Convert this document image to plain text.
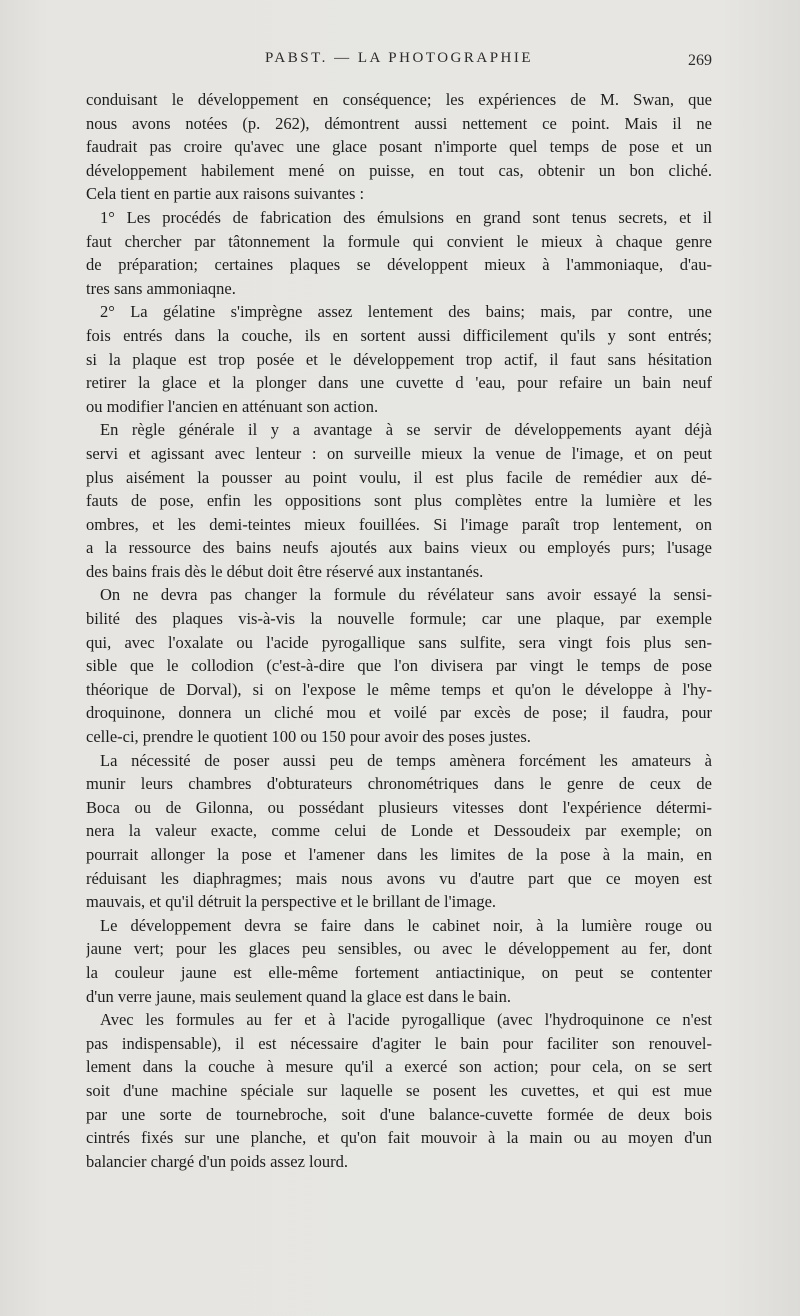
PABST. — LA PHOTOGRAPHIE	269
conduisant le développement en conséquence; les expériences de M. Swan, que
nous avons notées (p. 262), démontrent aussi nettement ce point. Mais il ne
faudrait pas croire qu'avec une glace posant n'importe quel temps de pose et un
développement habilement mené on puisse, en tout cas, obtenir un bon cliché.
Cela tient en partie aux raisons suivantes :
1° Les procédés de fabrication des émulsions en grand sont tenus secrets, et il
faut chercher par tâtonnement la formule qui convient le mieux à chaque genre
de préparation; certaines plaques se développent mieux à l'ammoniaque, d'au-
tres sans ammoniaqne.
2° La gélatine s'imprègne assez lentement des bains; mais, par contre, une
fois entrés dans la couche, ils en sortent aussi difficilement qu'ils y sont entrés;
si la plaque est trop posée et le développement trop actif, il faut sans hésitation
retirer la glace et la plonger dans une cuvette d 'eau, pour refaire un bain neuf
ou modifier l'ancien en atténuant son action.
En règle générale il y a avantage à se servir de développements ayant déjà
servi et agissant avec lenteur : on surveille mieux la venue de l'image, et on peut
plus aisément la pousser au point voulu, il est plus facile de remédier aux dé-
fauts de pose, enfin les oppositions sont plus complètes entre la lumière et les
ombres, et les demi-teintes mieux fouillées. Si l'image paraît trop lentement, on
a la ressource des bains neufs ajoutés aux bains vieux ou employés purs; l'usage
des bains frais dès le début doit être réservé aux instantanés.
On ne devra pas changer la formule du révélateur sans avoir essayé la sensi-
bilité des plaques vis-à-vis la nouvelle formule; car une plaque, par exemple
qui, avec l'oxalate ou l'acide pyrogallique sans sulfite, sera vingt fois plus sen-
sible que le collodion (c'est-à-dire que l'on divisera par vingt le temps de pose
théorique de Dorval), si on l'expose le même temps et qu'on le développe à l'hy-
droquinone, donnera un cliché mou et voilé par excès de pose; il faudra, pour
celle-ci, prendre le quotient 100 ou 150 pour avoir des poses justes.
La nécessité de poser aussi peu de temps amènera forcément les amateurs à
munir leurs chambres d'obturateurs chronométriques dans le genre de ceux de
Boca ou de Gilonna, ou possédant plusieurs vitesses dont l'expérience détermi-
nera la valeur exacte, comme celui de Londe et Dessoudeix par exemple; on
pourrait allonger la pose et l'amener dans les limites de la pose à la main, en
réduisant les diaphragmes; mais nous avons vu d'autre part que ce moyen est
mauvais, et qu'il détruit la perspective et le brillant de l'image.
Le développement devra se faire dans le cabinet noir, à la lumière rouge ou
jaune vert; pour les glaces peu sensibles, ou avec le développement au fer, dont
la couleur jaune est elle-même fortement antiactinique, on peut se contenter
d'un verre jaune, mais seulement quand la glace est dans le bain.
Avec les formules au fer et à l'acide pyrogallique (avec l'hydroquinone ce n'est
pas indispensable), il est nécessaire d'agiter le bain pour faciliter son renouvel-
lement dans la couche à mesure qu'il a exercé son action; pour cela, on se sert
soit d'une machine spéciale sur laquelle se posent les cuvettes, et qui est mue
par une sorte de tournebroche, soit d'une balance-cuvette formée de deux bois
cintrés fixés sur une planche, et qu'on fait mouvoir à la main ou au moyen d'un
balancier chargé d'un poids assez lourd.
